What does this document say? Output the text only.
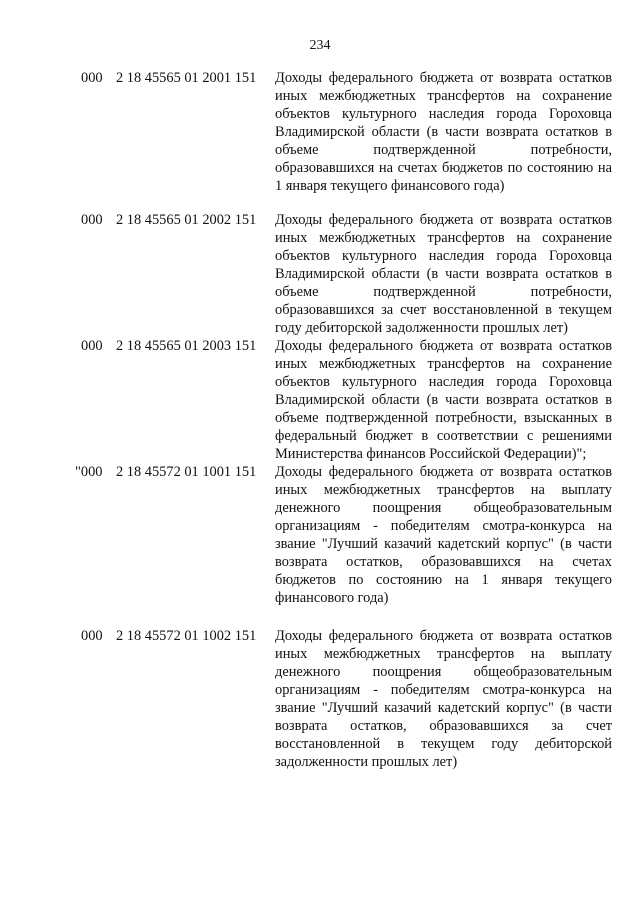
234
000 2 18 45565 01 2001 151 Доходы федерального бюджета от возврата остатков иных межбюджетных трансфертов на сохранение объектов культурного наследия города Гороховца Владимирской области (в части возврата остатков в объеме подтвержденной потребности, образовавшихся на счетах бюджетов по состоянию на 1 января текущего финансового года)
000 2 18 45565 01 2002 151 Доходы федерального бюджета от возврата остатков иных межбюджетных трансфертов на сохранение объектов культурного наследия города Гороховца Владимирской области (в части возврата остатков в объеме подтвержденной потребности, образовавшихся за счет восстановленной в текущем году дебиторской задолженности прошлых лет)
000 2 18 45565 01 2003 151 Доходы федерального бюджета от возврата остатков иных межбюджетных трансфертов на сохранение объектов культурного наследия города Гороховца Владимирской области (в части возврата остатков в объеме подтвержденной потребности, взысканных в федеральный бюджет в соответствии с решениями Министерства финансов Российской Федерации)";
"000 2 18 45572 01 1001 151 Доходы федерального бюджета от возврата остатков иных межбюджетных трансфертов на выплату денежного поощрения общеобразовательным организациям - победителям смотра-конкурса на звание "Лучший казачий кадетский корпус" (в части возврата остатков, образовавшихся на счетах бюджетов по состоянию на 1 января текущего финансового года)
000 2 18 45572 01 1002 151 Доходы федерального бюджета от возврата остатков иных межбюджетных трансфертов на выплату денежного поощрения общеобразовательным организациям - победителям смотра-конкурса на звание "Лучший казачий кадетский корпус" (в части возврата остатков, образовавшихся за счет восстановленной в текущем году дебиторской задолженности прошлых лет)
